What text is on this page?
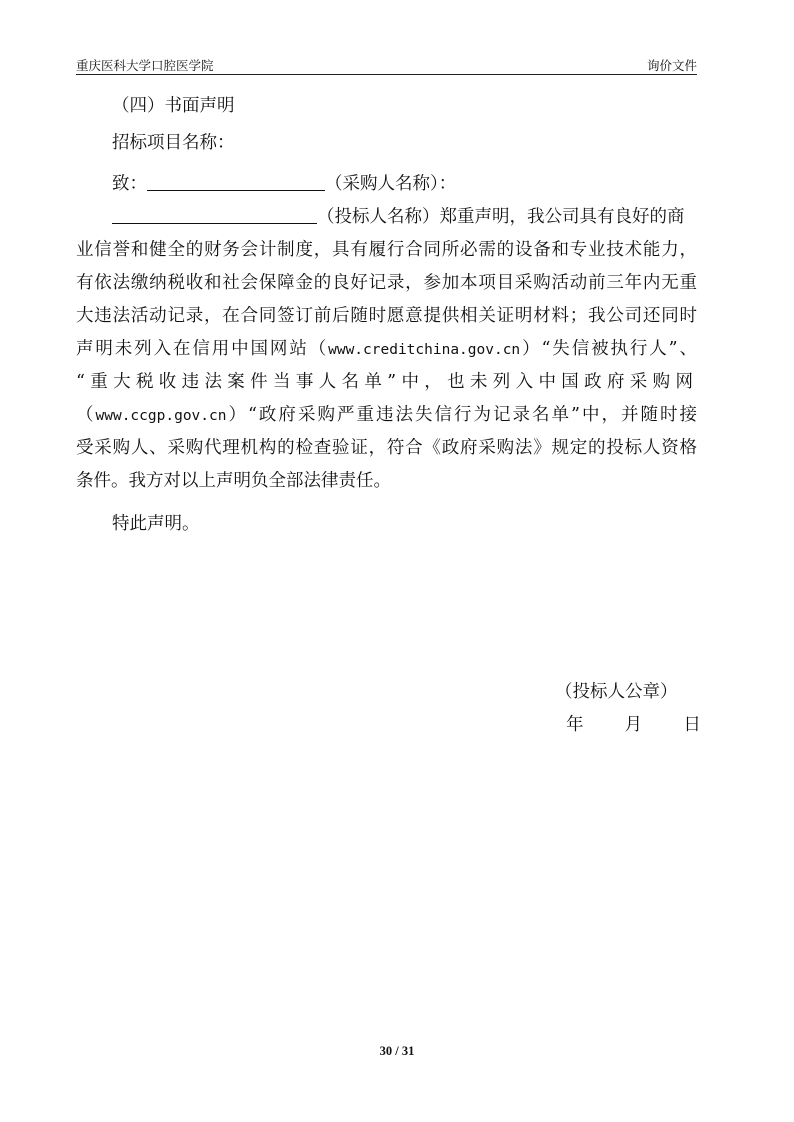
重庆医科大学口腔医学院	询价文件
（四）书面声明
招标项目名称：
致：	（采购人名称）：
（投标人名称）郑重声明，我公司具有良好的商
业信誉和健全的财务会计制度，具有履行合同所必需的设备和专业技术能力，
有依法缴纳税收和社会保障金的良好记录，参加本项目采购活动前三年内无重
大违法活动记录，在合同签订前后随时愿意提供相关证明材料；我公司还同时
声明未列入在信用中国网站（www.creditchina.gov.cn）“失信被执行人”、
“重大税收违法案件当事人名单”中，也未列入中国政府采购网
（www.ccgp.gov.cn）“政府采购严重违法失信行为记录名单”中，并随时接
受采购人、采购代理机构的检查验证，符合《政府采购法》规定的投标人资格
条件。我方对以上声明负全部法律责任。
特此声明。
（投标人公章）
年 月 日
30 / 31
